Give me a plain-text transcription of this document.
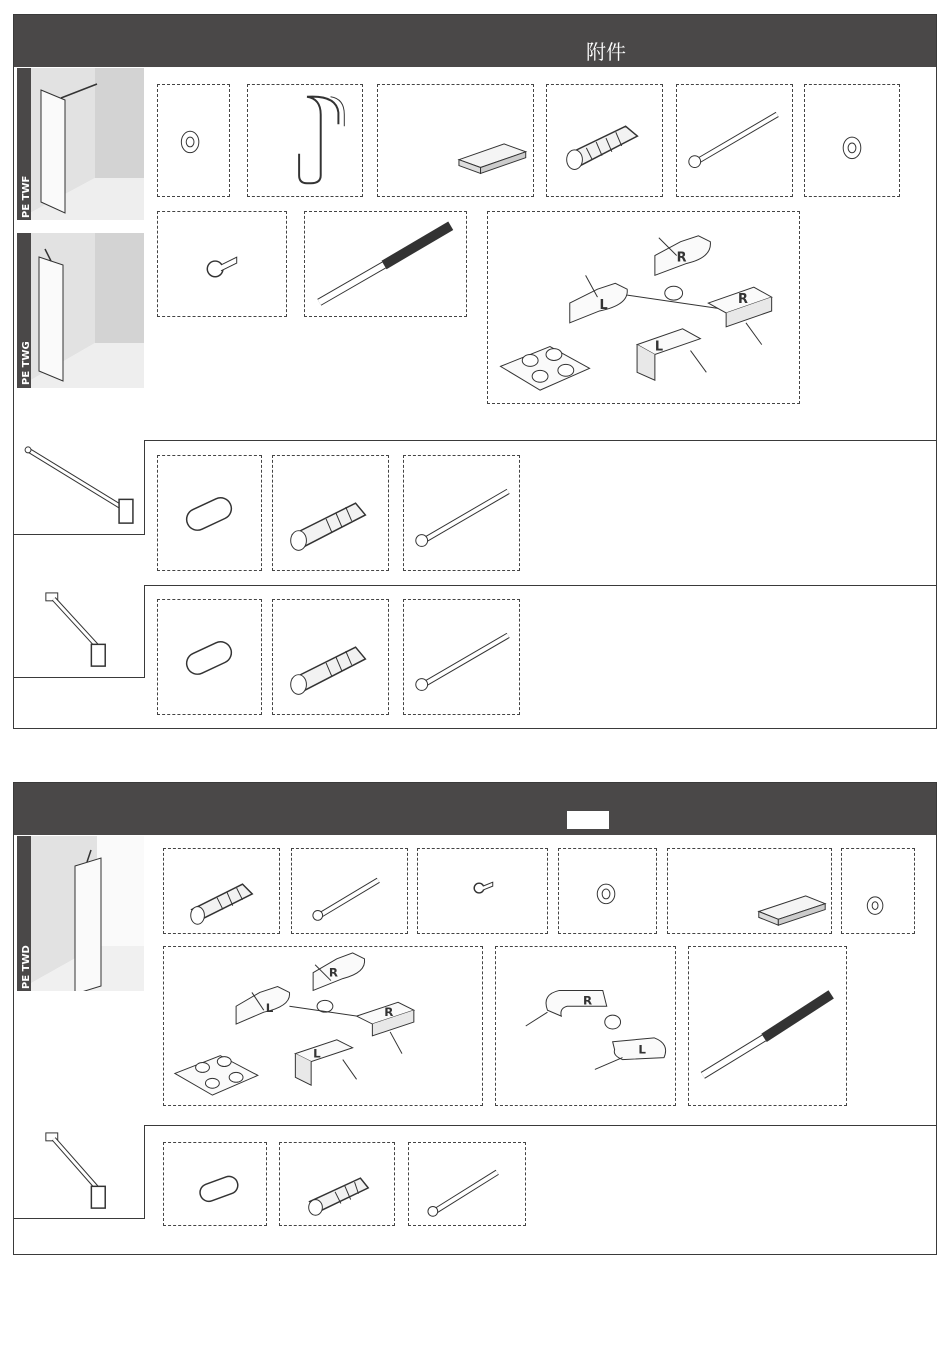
附件
PE TWF
PE TWG
L
R
L
R
PE TWD
L
R
L
R
R
L
